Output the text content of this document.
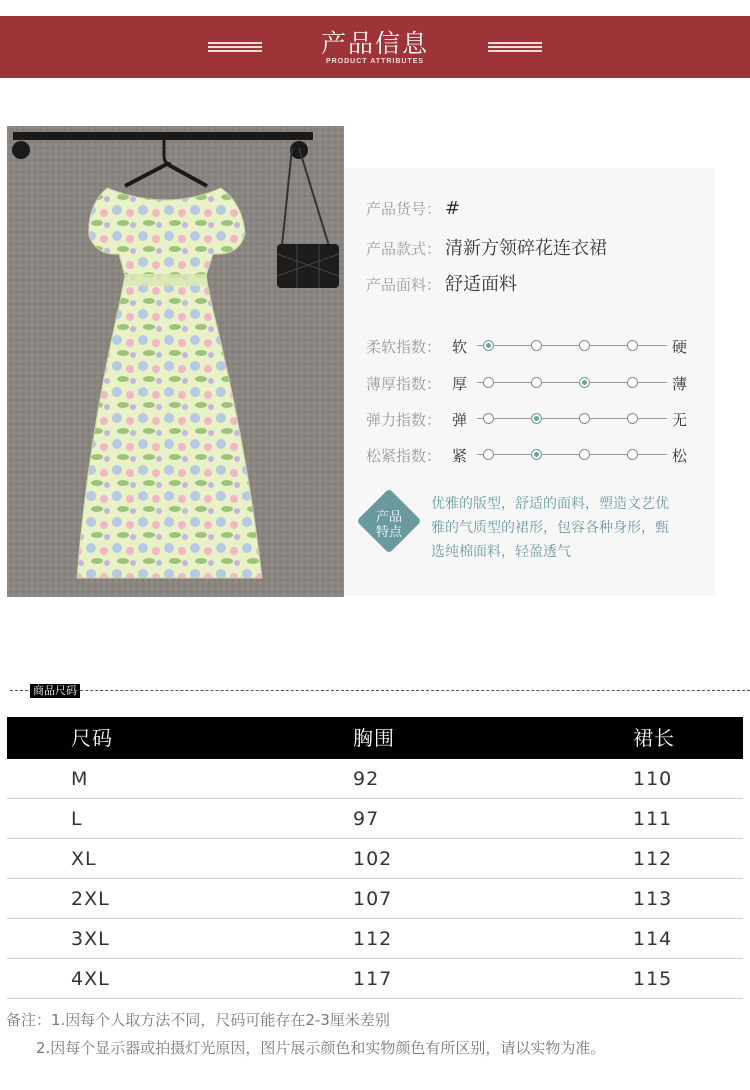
产品信息
PRODUCT ATTRIBUTES
产品货号： #
产品款式： 清新方领碎花连衣裙
产品面料： 舒适面料
柔软指数： 软	硬
薄厚指数： 厚	薄
弹力指数： 弹	无
松紧指数： 紧	松
产品
特点
优雅的版型，舒适的面料，塑造文艺优雅的气质型的裙形，包容各种身形，甄选纯棉面料，轻盈透气
商品尺码
尺码	胸围	裙长
M	92	110
L	97	111
XL	102	112
2XL	107	113
3XL	112	114
4XL	117	115
备注：1.因每个人取方法不同，尺码可能存在2-3厘米差别
2.因每个显示器或拍摄灯光原因，图片展示颜色和实物颜色有所区别，请以实物为准。
